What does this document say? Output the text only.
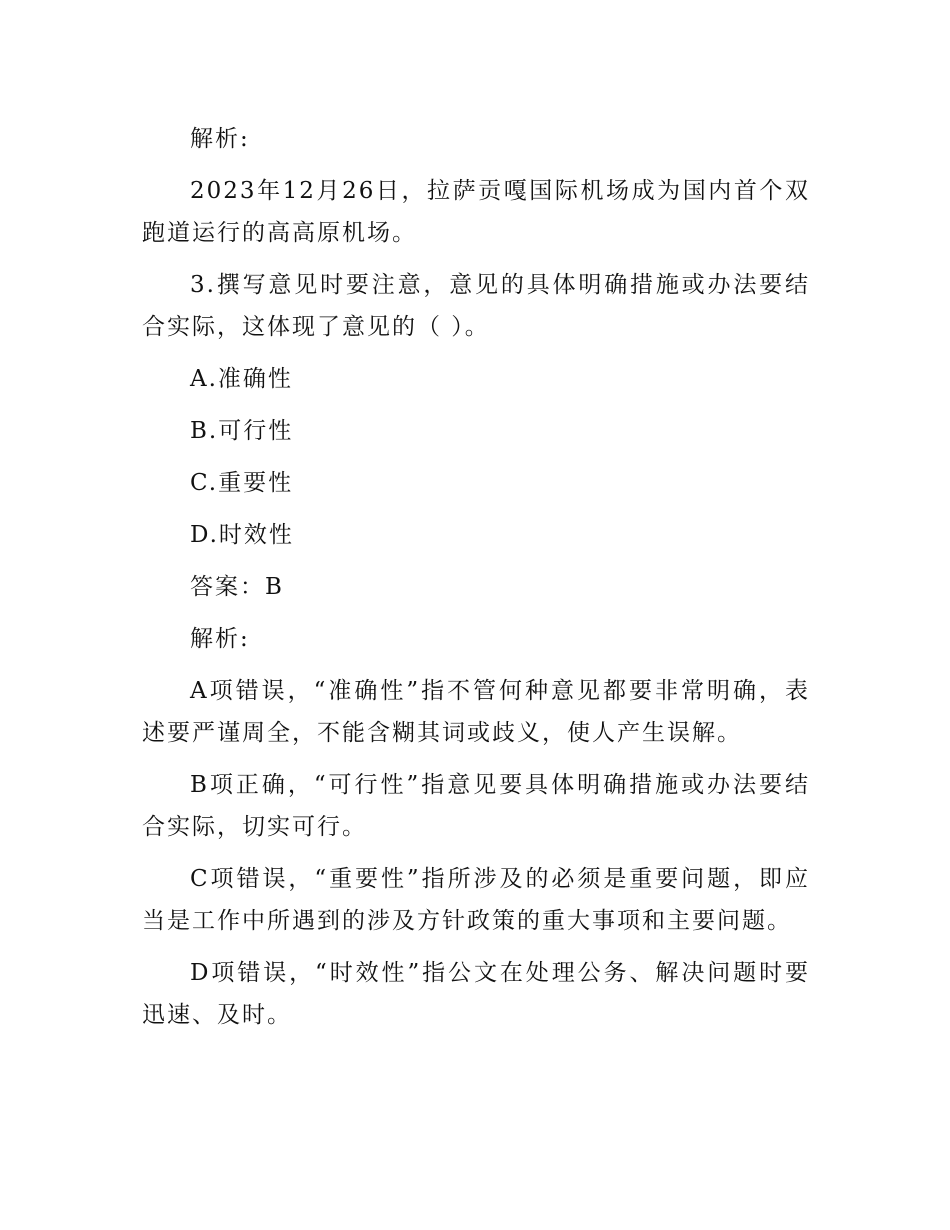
解析:

2023年12月26日，拉萨贡嘎国际机场成为国内首个双跑道运行的高高原机场。

3.撰写意见时要注意，意见的具体明确措施或办法要结合实际，这体现了意见的（ ）。

A.准确性

B.可行性

C.重要性

D.时效性

答案：B

解析:

A项错误，“准确性”指不管何种意见都要非常明确，表述要严谨周全，不能含糊其词或歧义，使人产生误解。

B项正确，“可行性”指意见要具体明确措施或办法要结合实际，切实可行。

C项错误，“重要性”指所涉及的必须是重要问题，即应当是工作中所遇到的涉及方针政策的重大事项和主要问题。

D项错误，“时效性”指公文在处理公务、解决问题时要迅速、及时。
